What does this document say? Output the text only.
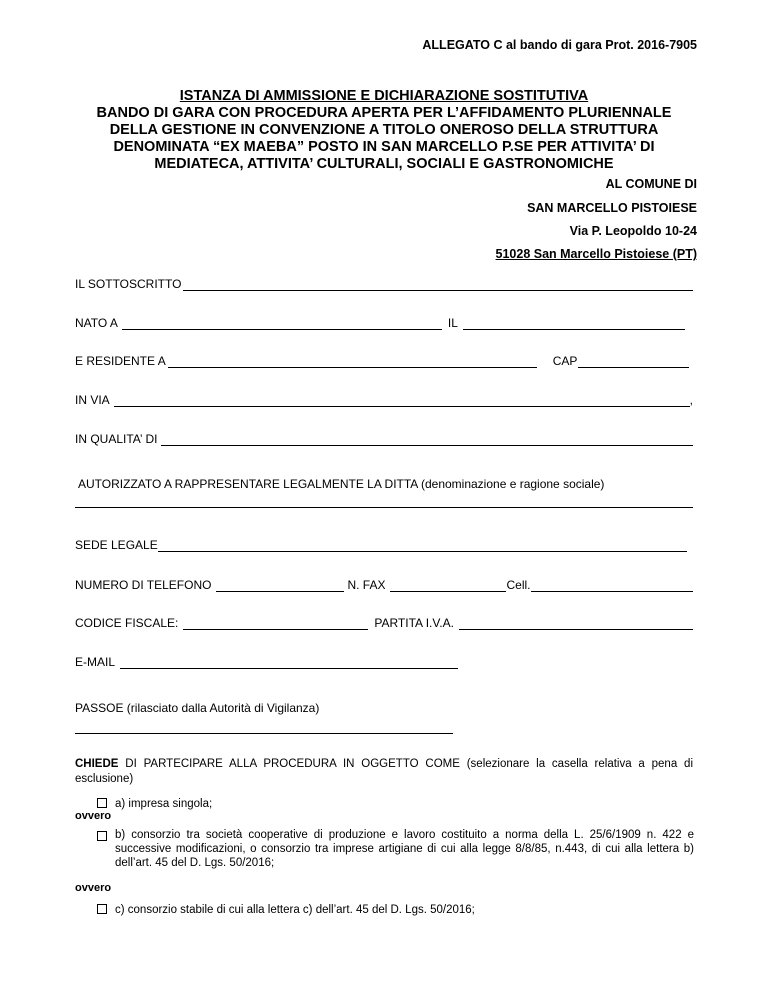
ALLEGATO C al bando di gara Prot. 2016-7905
ISTANZA DI AMMISSIONE E DICHIARAZIONE SOSTITUTIVA
BANDO DI GARA CON PROCEDURA APERTA PER L’AFFIDAMENTO PLURIENNALE
DELLA GESTIONE IN CONVENZIONE A TITOLO ONEROSO DELLA STRUTTURA
DENOMINATA “EX MAEBA” POSTO IN SAN MARCELLO P.SE PER ATTIVITA’ DI
MEDIATECA, ATTIVITA’ CULTURALI, SOCIALI E GASTRONOMICHE
AL COMUNE DI
SAN MARCELLO PISTOIESE
Via P. Leopoldo 10-24
51028 San Marcello Pistoiese (PT)
IL SOTTOSCRITTO
NATO A	IL
E RESIDENTE A	CAP
IN VIA	,
IN QUALITA’ DI
AUTORIZZATO A RAPPRESENTARE LEGALMENTE LA DITTA (denominazione e ragione sociale)
SEDE LEGALE
NUMERO DI TELEFONO	N. FAX	Cell.
CODICE FISCALE:	PARTITA I.V.A.
E-MAIL
PASSOE (rilasciato dalla Autorità di Vigilanza)
CHIEDE DI PARTECIPARE ALLA PROCEDURA IN OGGETTO COME (selezionare la casella relativa a pena di esclusione)
a) impresa singola;
ovvero
b) consorzio tra società cooperative di produzione e lavoro costituito a norma della L. 25/6/1909 n. 422 e successive modificazioni, o consorzio tra imprese artigiane di cui alla legge 8/8/85, n.443, di cui alla lettera b) dell’art. 45 del D. Lgs. 50/2016;
ovvero
c) consorzio stabile di cui alla lettera c) dell’art. 45 del D. Lgs. 50/2016;
